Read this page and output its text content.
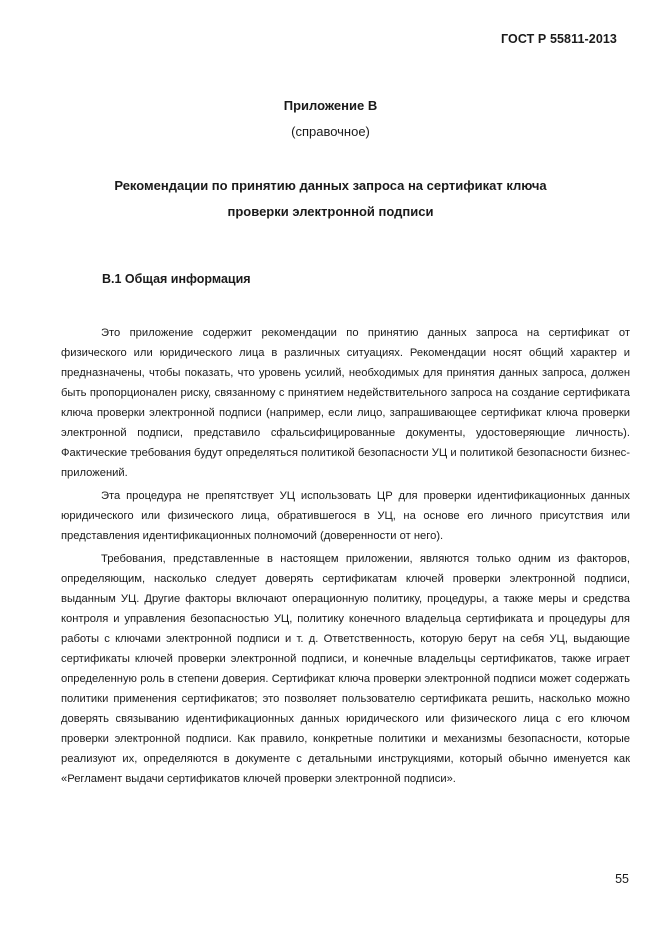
ГОСТ Р 55811-2013
Приложение В
(справочное)
Рекомендации по принятию данных запроса на сертификат ключа
проверки электронной подписи
В.1 Общая информация

Это приложение содержит рекомендации по принятию данных запроса на сертификат от физического или юридического лица в различных ситуациях. Рекомендации носят общий характер и предназначены, чтобы показать, что уровень усилий, необходимых для принятия данных запроса, должен быть пропорционален риску, связанному с принятием недействительного запроса на создание сертификата ключа проверки электронной подписи (например, если лицо, запрашивающее сертификат ключа проверки электронной подписи, представило сфальсифицированные документы, удостоверяющие личность). Фактические требования будут определяться политикой безопасности УЦ и политикой безопасности бизнес-приложений.

Эта процедура не препятствует УЦ использовать ЦР для проверки идентификационных данных юридического или физического лица, обратившегося в УЦ, на основе его личного присутствия или представления идентификационных полномочий (доверенности от него).

Требования, представленные в настоящем приложении, являются только одним из факторов, определяющим, насколько следует доверять сертификатам ключей проверки электронной подписи, выданным УЦ. Другие факторы включают операционную политику, процедуры, а также меры и средства контроля и управления безопасностью УЦ, политику конечного владельца сертификата и процедуры для работы с ключами электронной подписи и т. д. Ответственность, которую берут на себя УЦ, выдающие сертификаты ключей проверки электронной подписи, и конечные владельцы сертификатов, также играет определенную роль в степени доверия. Сертификат ключа проверки электронной подписи может содержать политики применения сертификатов; это позволяет пользователю сертификата решить, насколько можно доверять связыванию идентификационных данных юридического или физического лица с его ключом проверки электронной подписи. Как правило, конкретные политики и механизмы безопасности, которые реализуют их, определяются в документе с детальными инструкциями, который обычно именуется как «Регламент выдачи сертификатов ключей проверки электронной подписи».

55
